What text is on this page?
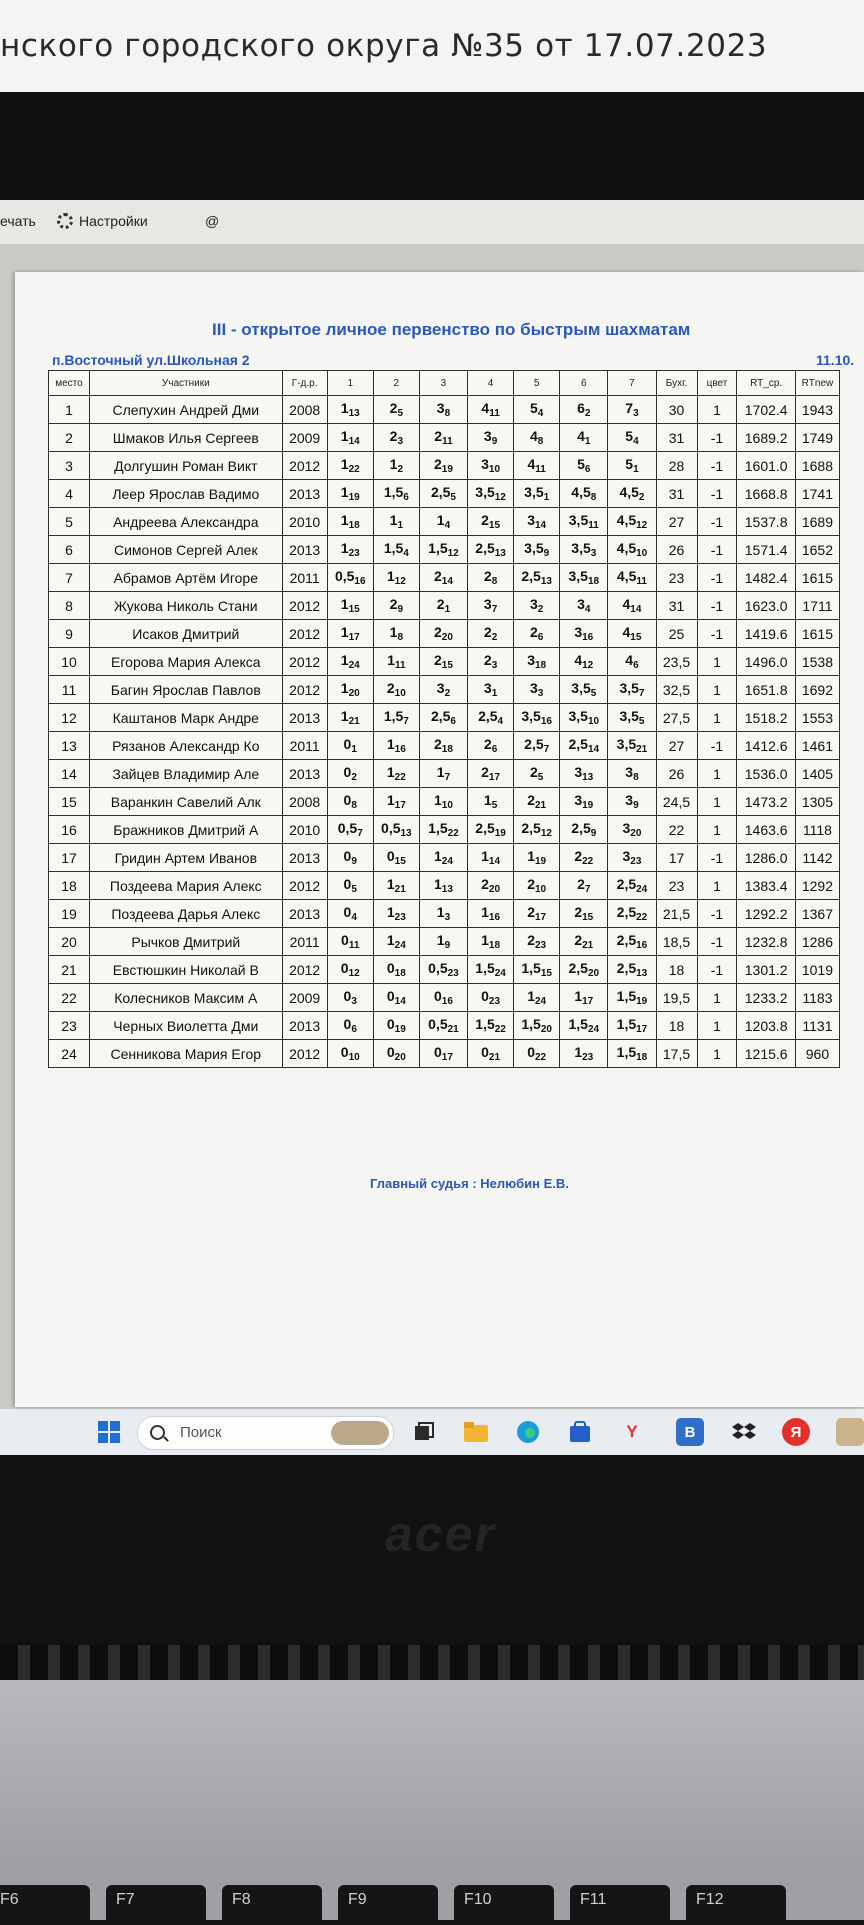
нского городского округа №35 от 17.07.2023
ечать	Настройки	@
III - открытое личное первенство по быстрым шахматам
п.Восточный ул.Школьная 2	11.10.
место	Участники	Г-д.р.	1	2	3	4	5	6	7	Бухг.	цвет	RT_ср.	RTnew
1	Слепухин Андрей Дми	2008	$1_{13}$	$2_5$	$3_8$	$4_{11}$	$5_4$	$6_2$	$7_3$	30	1	1702.4	1943
2	Шмаков Илья Сергеев	2009	$1_{14}$	$2_3$	$2_{11}$	$3_9$	$4_8$	$4_1$	$5_4$	31	-1	1689.2	1749
3	Долгушин Роман Викт	2012	$1_{22}$	$1_2$	$2_{19}$	$3_{10}$	$4_{11}$	$5_6$	$5_1$	28	-1	1601.0	1688
4	Леер Ярослав Вадимо	2013	$1_{19}$	$1,5_6$	$2,5_5$	$3,5_{12}$	$3,5_1$	$4,5_8$	$4,5_2$	31	-1	1668.8	1741
5	Андреева Александра	2010	$1_{18}$	$1_1$	$1_4$	$2_{15}$	$3_{14}$	$3,5_{11}$	$4,5_{12}$	27	-1	1537.8	1689
6	Симонов Сергей Алек	2013	$1_{23}$	$1,5_4$	$1,5_{12}$	$2,5_{13}$	$3,5_9$	$3,5_3$	$4,5_{10}$	26	-1	1571.4	1652
7	Абрамов Артём Игоре	2011	$0,5_{16}$	$1_{12}$	$2_{14}$	$2_8$	$2,5_{13}$	$3,5_{18}$	$4,5_{11}$	23	-1	1482.4	1615
8	Жукова Николь Стани	2012	$1_{15}$	$2_9$	$2_1$	$3_7$	$3_2$	$3_4$	$4_{14}$	31	-1	1623.0	1711
9	Исаков Дмитрий	2012	$1_{17}$	$1_8$	$2_{20}$	$2_2$	$2_6$	$3_{16}$	$4_{15}$	25	-1	1419.6	1615
10	Егорова Мария Алекса	2012	$1_{24}$	$1_{11}$	$2_{15}$	$2_3$	$3_{18}$	$4_{12}$	$4_6$	23,5	1	1496.0	1538
11	Багин Ярослав Павлов	2012	$1_{20}$	$2_{10}$	$3_2$	$3_1$	$3_3$	$3,5_5$	$3,5_7$	32,5	1	1651.8	1692
12	Каштанов Марк Андре	2013	$1_{21}$	$1,5_7$	$2,5_6$	$2,5_4$	$3,5_{16}$	$3,5_{10}$	$3,5_5$	27,5	1	1518.2	1553
13	Рязанов Александр Ко	2011	$0_1$	$1_{16}$	$2_{18}$	$2_6$	$2,5_7$	$2,5_{14}$	$3,5_{21}$	27	-1	1412.6	1461
14	Зайцев Владимир Але	2013	$0_2$	$1_{22}$	$1_7$	$2_{17}$	$2_5$	$3_{13}$	$3_8$	26	1	1536.0	1405
15	Варанкин Савелий Алк	2008	$0_8$	$1_{17}$	$1_{10}$	$1_5$	$2_{21}$	$3_{19}$	$3_9$	24,5	1	1473.2	1305
16	Бражников Дмитрий А	2010	$0,5_7$	$0,5_{13}$	$1,5_{22}$	$2,5_{19}$	$2,5_{12}$	$2,5_9$	$3_{20}$	22	1	1463.6	1118
17	Гридин Артем Иванов	2013	$0_9$	$0_{15}$	$1_{24}$	$1_{14}$	$1_{19}$	$2_{22}$	$3_{23}$	17	-1	1286.0	1142
18	Поздеева Мария Алекс	2012	$0_5$	$1_{21}$	$1_{13}$	$2_{20}$	$2_{10}$	$2_7$	$2,5_{24}$	23	1	1383.4	1292
19	Поздеева Дарья Алекс	2013	$0_4$	$1_{23}$	$1_3$	$1_{16}$	$2_{17}$	$2_{15}$	$2,5_{22}$	21,5	-1	1292.2	1367
20	Рычков Дмитрий	2011	$0_{11}$	$1_{24}$	$1_9$	$1_{18}$	$2_{23}$	$2_{21}$	$2,5_{16}$	18,5	-1	1232.8	1286
21	Евстюшкин Николай В	2012	$0_{12}$	$0_{18}$	$0,5_{23}$	$1,5_{24}$	$1,5_{15}$	$2,5_{20}$	$2,5_{13}$	18	-1	1301.2	1019
22	Колесников Максим А	2009	$0_3$	$0_{14}$	$0_{16}$	$0_{23}$	$1_{24}$	$1_{17}$	$1,5_{19}$	19,5	1	1233.2	1183
23	Черных Виолетта Дми	2013	$0_6$	$0_{19}$	$0,5_{21}$	$1,5_{22}$	$1,5_{20}$	$1,5_{24}$	$1,5_{17}$	18	1	1203.8	1131
24	Сенникова Мария Егор	2012	$0_{10}$	$0_{20}$	$0_{17}$	$0_{21}$	$0_{22}$	$1_{23}$	$1,5_{18}$	17,5	1	1215.6	960
Главный судья : Нелюбин Е.В.
Поиск	Y	B	Я
acer
F6	F7	F8	F9	F10	F11	F12
